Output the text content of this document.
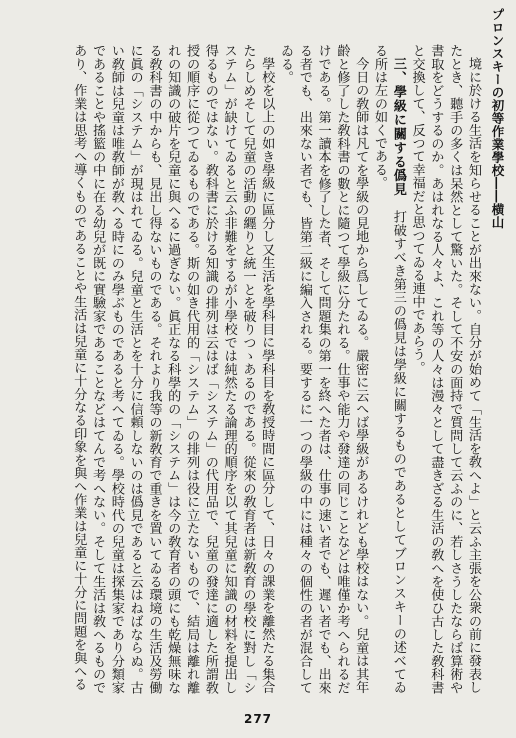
プロンスキーの初等作業學校――横山

境に於ける生活を知らせることが出來ない。自分が始めて「生活を敎へよ」と云ふ主張を公衆の前に發表したとき、聽手の多くは呆然として驚いた。そして不安の面持で質問して云ふのに、若しさうしたならば算術や書取をどうするのか。あはれなる人々よ、これ等の人々は漫々として盡きざる生活の敎へを使ひ古した敎科書と交換して、反つて幸福だと思つてゐる連中であらう。

三、學級に關する僞見　打破すべき第三の僞見は學級に關するものであるとしてブロンスキーの述べてゐる所は左の如くである。

今日の敎師は凡てを學級の見地から爲してゐる。嚴密に云へば學級があるけれども學校はない。兒童は其年齡と修了した敎科書の數とに隨つて學級に分たれる。仕事や能力や發達の同じことなどは唯僅か考へられるだけである。第一讀本を修了した者、そして問題集の第一を終へた者は、仕事の速い者でも、遲い者でも、出來る者でも、出來ない者でも、皆第二級に編入される。要するに一つの學級の中には種々の個性の者が混合してゐる。

學校を以上の如き學級に區分し又生活を學科目に學科目を敎授時間に區分して、日々の課業を離然たる集合たらしめそして兒童の活動の纒りと統一とを破りつゝあるのである。從來の敎育者は新敎育の學校に對し「システム」が缺けてゐると云ふ非難をするが小學校では純然たる論理的順序を以て其兒童に知識の材料を提出し得るものではない。敎科書に於ける知識の排列は云はば「システム」の代用品で、兒童の發達に適した所謂敎授の順序に從つてゐるものである。斯の如き代用的「システム」の排列は役に立たないもので、結局は離れ離れの知識の破片を兒童に與へるに過ぎない。眞正なる科學的の「システム」は今の敎育者の頭にも乾燥無味なる敎科書の中からも、見出し得ないものである。それより我等の新敎育で重きを置いてゐる環境の生活及勞働に眞の「システム」が現はれてゐる。兒童と生活とを十分に信頼しないのは僞見であると云はねばならぬ。古い敎師は兒童は唯敎師が敎へる時にのみ學ぶものであると考へてゐる。學校時代の兒童は探集家であり分類家であることや搖籃の中に在る幼兒が既に實驗家であることなどはてんで考へない。そして生活は敎へるものであり、作業は思考へ導くものであることや生活は兒童に十分なる印象を與へ作業は兒童に十分に問題を與へる

277
